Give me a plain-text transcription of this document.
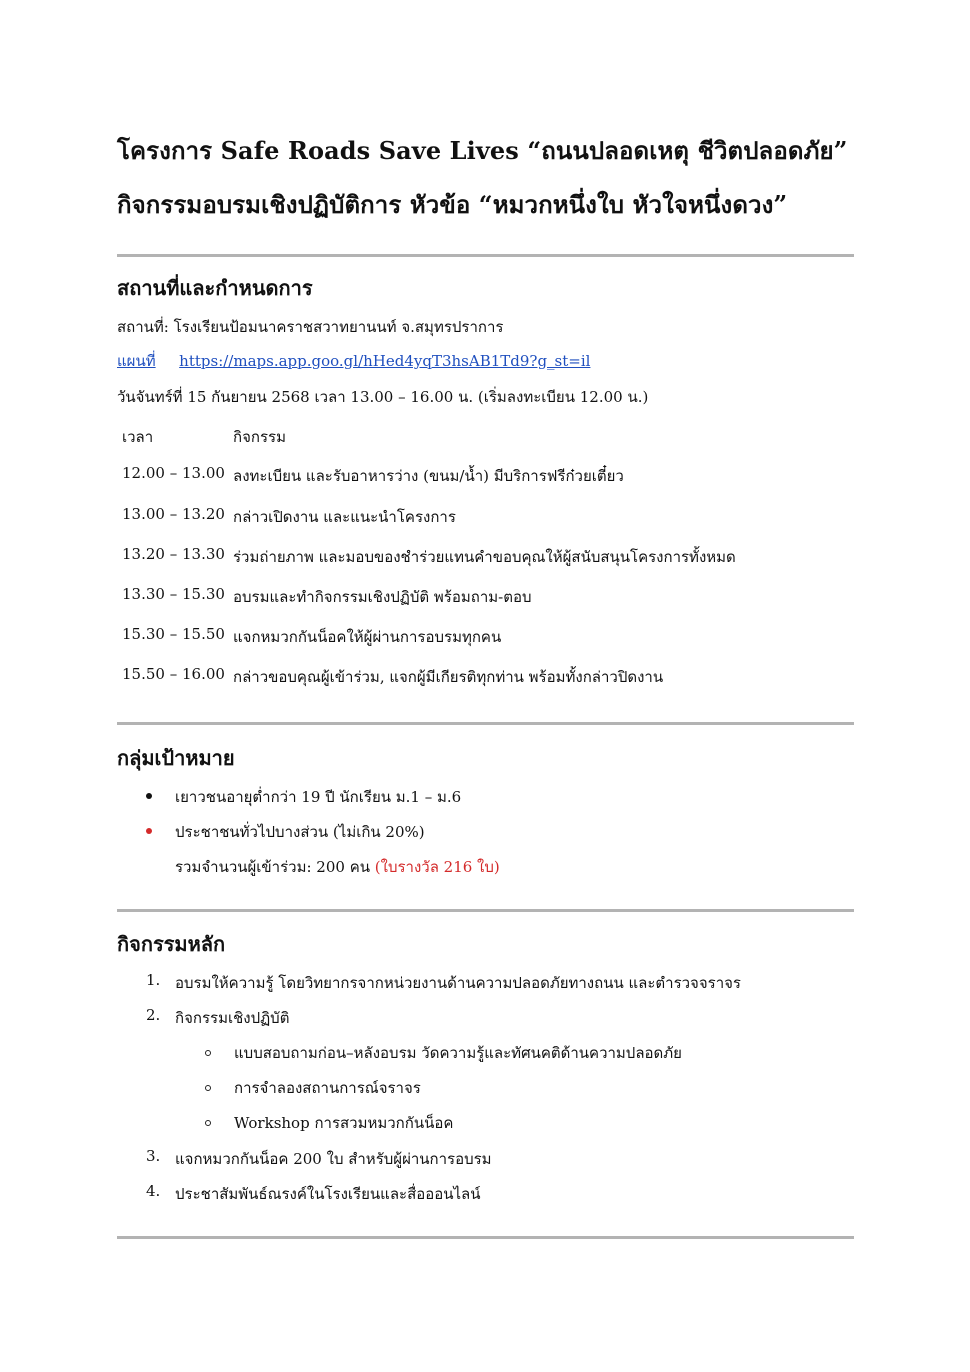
โครงการ Safe Roads Save Lives “ถนนปลอดเหตุ ชีวิตปลอดภัย”
กิจกรรมอบรมเชิงปฏิบัติการ หัวข้อ “หมวกหนึ่งใบ หัวใจหนึ่งดวง”
สถานที่และกำหนดการ
สถานที่: โรงเรียนป้อมนาคราชสวาทยานนท์ จ.สมุทรปราการ
แผนที่ https://maps.app.goo.gl/hHed4yqT3hsAB1Td9?g_st=il
วันจันทร์ที่ 15 กันยายน 2568 เวลา 13.00 – 16.00 น. (เริ่มลงทะเบียน 12.00 น.)
เวลา	กิจกรรม
12.00 – 13.00 ลงทะเบียน และรับอาหารว่าง (ขนม/น้ำ) มีบริการฟรีก๋วยเตี๋ยว
13.00 – 13.20 กล่าวเปิดงาน และแนะนำโครงการ
13.20 – 13.30 ร่วมถ่ายภาพ และมอบของชำร่วยแทนคำขอบคุณให้ผู้สนับสนุนโครงการทั้งหมด
13.30 – 15.30 อบรมและทำกิจกรรมเชิงปฏิบัติ พร้อมถาม-ตอบ
15.30 – 15.50 แจกหมวกกันน็อคให้ผู้ผ่านการอบรมทุกคน
15.50 – 16.00 กล่าวขอบคุณผู้เข้าร่วม, แจกผู้มีเกียรติทุกท่าน พร้อมทั้งกล่าวปิดงาน
กลุ่มเป้าหมาย
เยาวชนอายุต่ำกว่า 19 ปี นักเรียน ม.1 – ม.6
ประชาชนทั่วไปบางส่วน (ไม่เกิน 20%)
รวมจำนวนผู้เข้าร่วม: 200 คน (ใบรางวัล 216 ใบ)
กิจกรรมหลัก
1. อบรมให้ความรู้ โดยวิทยากรจากหน่วยงานด้านความปลอดภัยทางถนน และตำรวจจราจร
2. กิจกรรมเชิงปฏิบัติ
แบบสอบถามก่อน–หลังอบรม วัดความรู้และทัศนคติด้านความปลอดภัย
การจำลองสถานการณ์จราจร
Workshop การสวมหมวกกันน็อค
3. แจกหมวกกันน็อค 200 ใบ สำหรับผู้ผ่านการอบรม
4. ประชาสัมพันธ์ณรงค์ในโรงเรียนและสื่อออนไลน์
